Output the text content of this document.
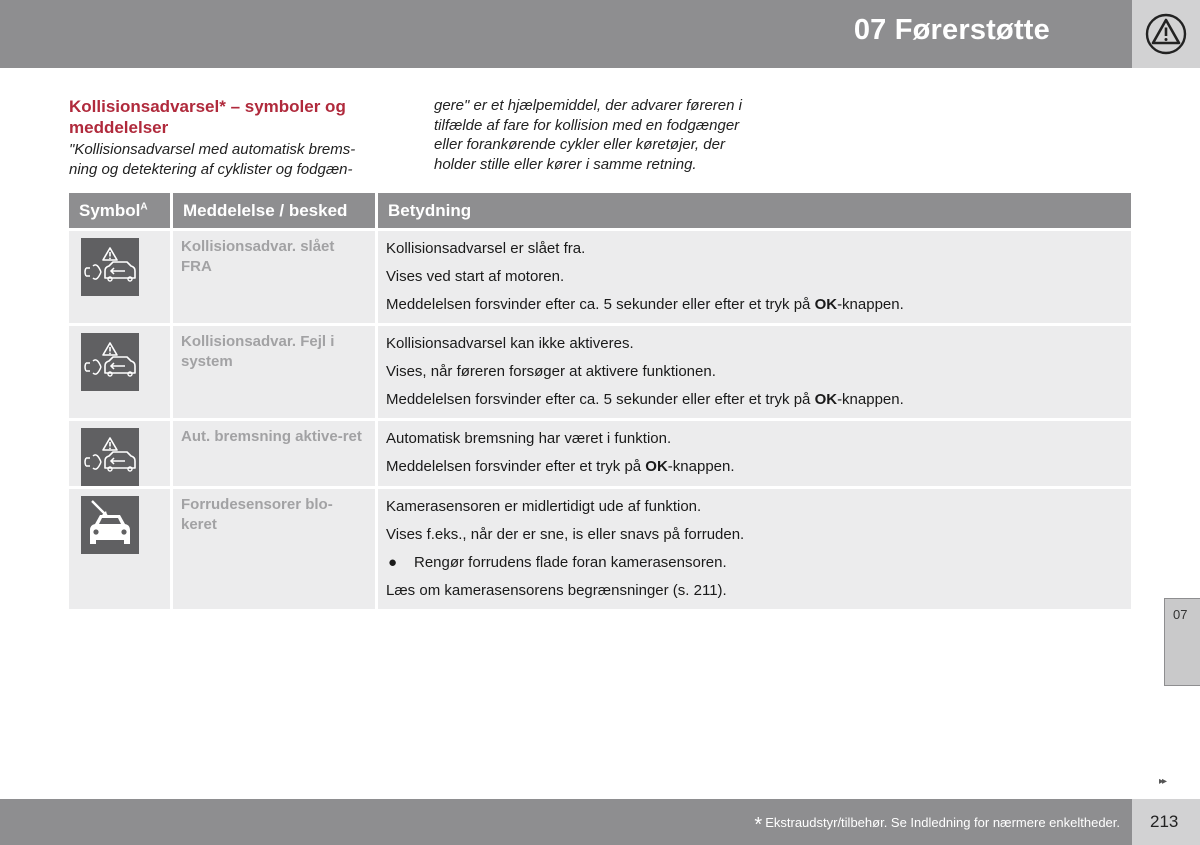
07 Førerstøtte
Kollisionsadvarsel* – symboler og meddelelser
"Kollisionsadvarsel med automatisk brems-
ning og detektering af cyklister og fodgæn-
gere" er et hjælpemiddel, der advarer føreren i
tilfælde af fare for kollision med en fodgænger
eller forankørende cykler eller køretøjer, der
holder stille eller kører i samme retning.
Symbol$^A$	Meddelelse / besked	Betydning

	Kollisionsadvar. slået FRA	Kollisionsadvarsel er slået fra.
Vises ved start af motoren.
Meddelelsen forsvinder efter ca. 5 sekunder eller efter et tryk på OK-knappen.

	Kollisionsadvar. Fejl i system	Kollisionsadvarsel kan ikke aktiveres.
Vises, når føreren forsøger at aktivere funktionen.
Meddelelsen forsvinder efter ca. 5 sekunder eller efter et tryk på OK-knappen.

	Aut. bremsning aktive-ret	Automatisk bremsning har været i funktion.
Meddelelsen forsvinder efter et tryk på OK-knappen.

	Forrudesensorer blo-keret	Kamerasensoren er midlertidigt ude af funktion.
Vises f.eks., når der er sne, is eller snavs på forruden.
● Rengør forrudens flade foran kamerasensoren.
Læs om kamerasensorens begrænsninger (s. 211).
07
▸▸
* Ekstraudstyr/tilbehør. Se Indledning for nærmere enkeltheder. 213
